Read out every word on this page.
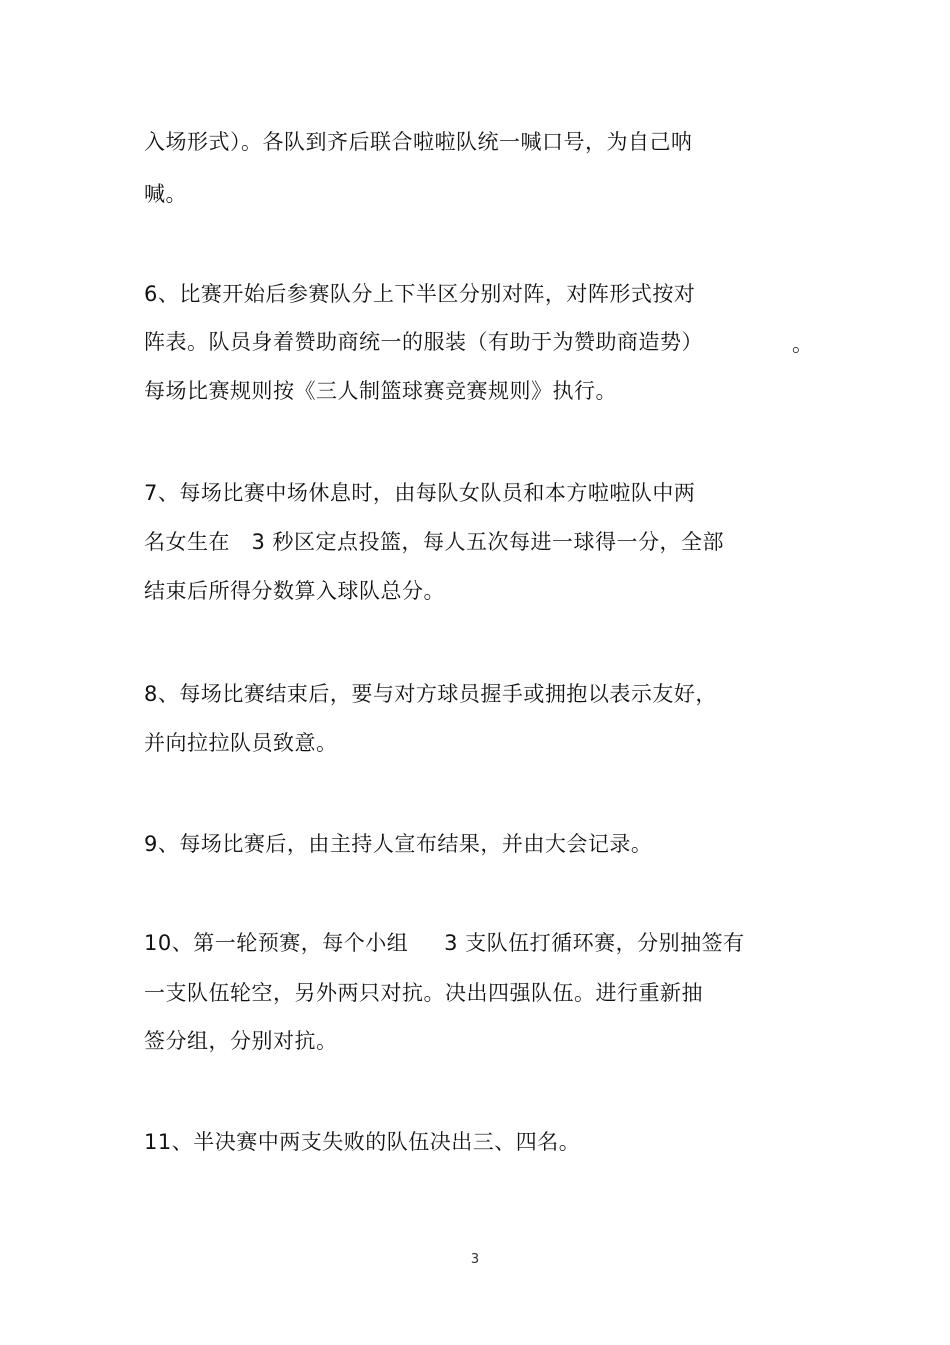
入场形式）。各队到齐后联合啦啦队统一喊口号，为自己呐
喊。
6、比赛开始后参赛队分上下半区分别对阵，对阵形式按对
阵表。队员身着赞助商统一的服装（有助于为赞助商造势）	。
每场比赛规则按《三人制篮球赛竞赛规则》执行。
7、每场比赛中场休息时，由每队女队员和本方啦啦队中两
名女生在   3 秒区定点投篮，每人五次每进一球得一分，全部
结束后所得分数算入球队总分。
8、每场比赛结束后，要与对方球员握手或拥抱以表示友好，
并向拉拉队员致意。
9、每场比赛后，由主持人宣布结果，并由大会记录。
10、第一轮预赛，每个小组     3 支队伍打循环赛，分别抽签有
一支队伍轮空，另外两只对抗。决出四强队伍。进行重新抽
签分组，分别对抗。
11、半决赛中两支失败的队伍决出三、四名。
3
